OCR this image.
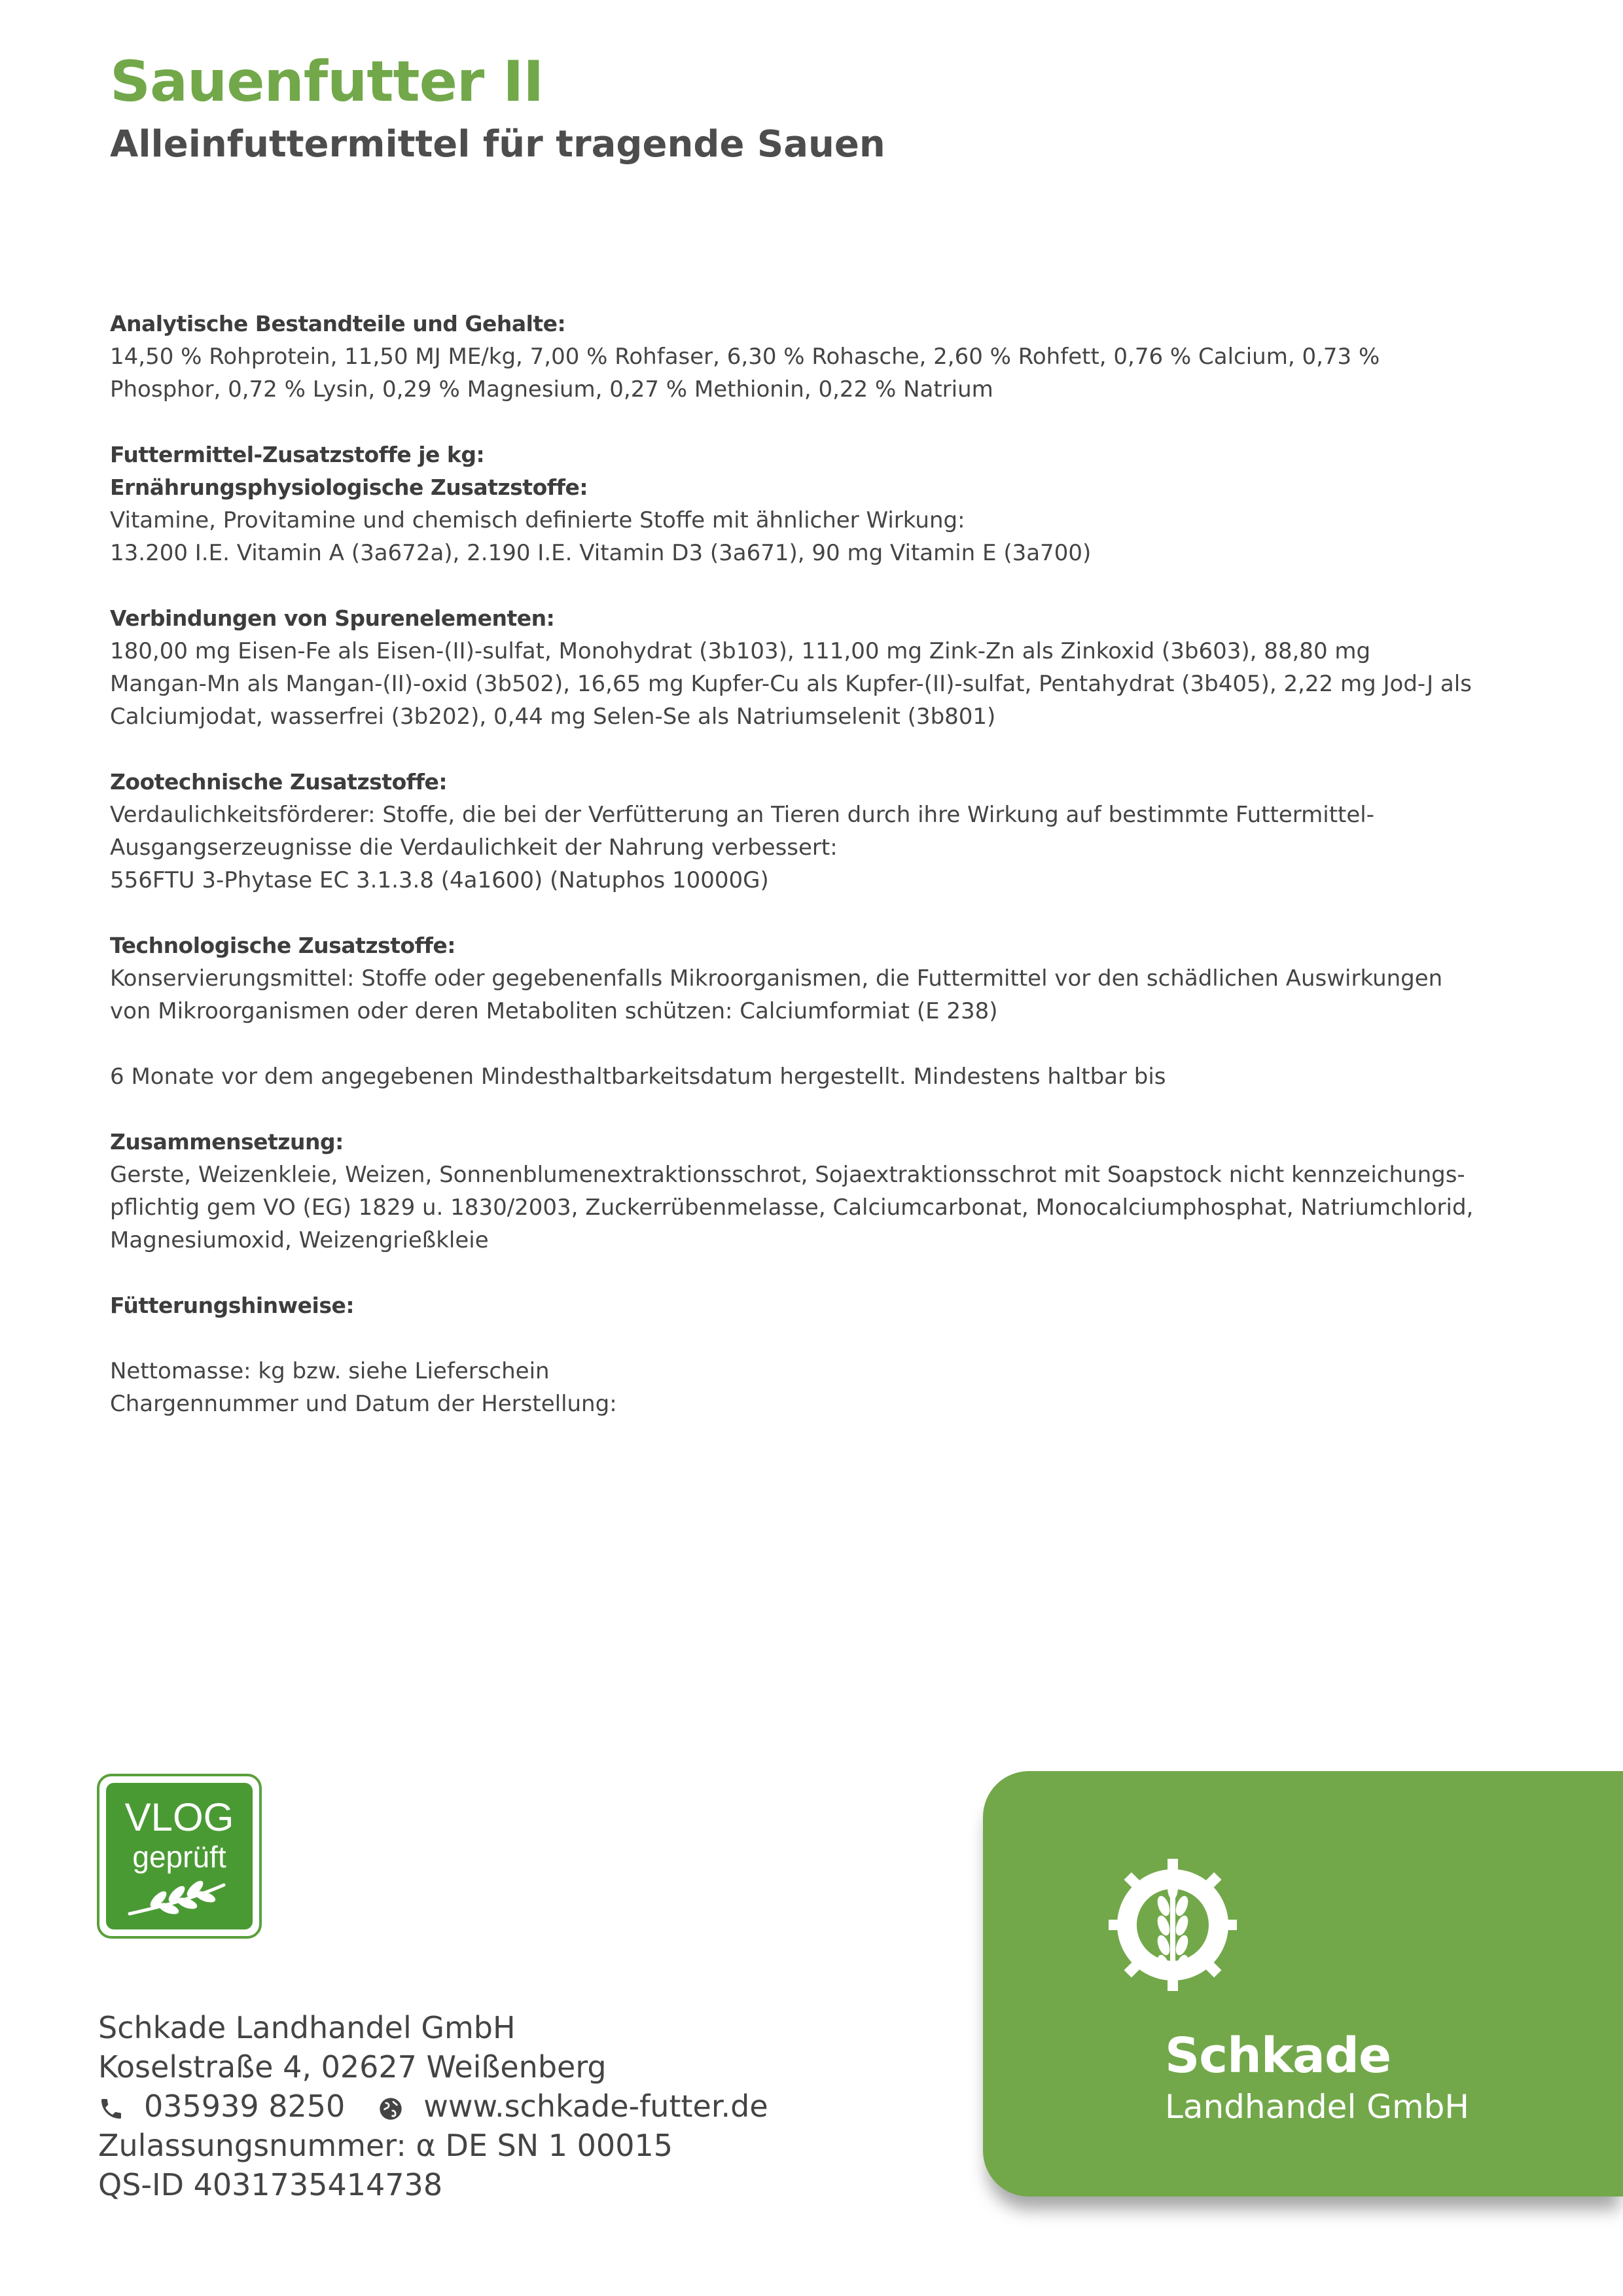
Sauenfutter II
Alleinfuttermittel für tragende Sauen
Analytische Bestandteile und Gehalte:
14,50 % Rohprotein, 11,50 MJ ME/kg, 7,00 % Rohfaser, 6,30 % Rohasche, 2,60 % Rohfett, 0,76 % Calcium, 0,73 %
Phosphor, 0,72 % Lysin, 0,29 % Magnesium, 0,27 % Methionin, 0,22 % Natrium
Futtermittel-Zusatzstoffe je kg:
Ernährungsphysiologische Zusatzstoffe:
Vitamine, Provitamine und chemisch definierte Stoffe mit ähnlicher Wirkung:
13.200 I.E. Vitamin A (3a672a), 2.190 I.E. Vitamin D3 (3a671), 90 mg Vitamin E (3a700)
Verbindungen von Spurenelementen:
180,00 mg Eisen-Fe als Eisen-(II)-sulfat, Monohydrat (3b103), 111,00 mg Zink-Zn als Zinkoxid (3b603), 88,80 mg
Mangan-Mn als Mangan-(II)-oxid (3b502), 16,65 mg Kupfer-Cu als Kupfer-(II)-sulfat, Pentahydrat (3b405), 2,22 mg Jod-J als
Calciumjodat, wasserfrei (3b202), 0,44 mg Selen-Se als Natriumselenit (3b801)
Zootechnische Zusatzstoffe:
Verdaulichkeitsförderer: Stoffe, die bei der Verfütterung an Tieren durch ihre Wirkung auf bestimmte Futtermittel-
Ausgangserzeugnisse die Verdaulichkeit der Nahrung verbessert:
556FTU 3-Phytase EC 3.1.3.8 (4a1600) (Natuphos 10000G)
Technologische Zusatzstoffe:
Konservierungsmittel: Stoffe oder gegebenenfalls Mikroorganismen, die Futtermittel vor den schädlichen Auswirkungen
von Mikroorganismen oder deren Metaboliten schützen: Calciumformiat (E 238)
6 Monate vor dem angegebenen Mindesthaltbarkeitsdatum hergestellt. Mindestens haltbar bis
Zusammensetzung:
Gerste, Weizenkleie, Weizen, Sonnenblumenextraktionsschrot, Sojaextraktionsschrot mit Soapstock nicht kennzeichungs-
pflichtig gem VO (EG) 1829 u. 1830/2003, Zuckerrübenmelasse, Calciumcarbonat, Monocalciumphosphat, Natriumchlorid,
Magnesiumoxid, Weizengrießkleie
Fütterungshinweise:
Nettomasse: kg bzw. siehe Lieferschein
Chargennummer und Datum der Herstellung:
VLOG
geprüft
Schkade Landhandel GmbH
Koselstraße 4, 02627 Weißenberg
035939 8250	www.schkade-futter.de
Zulassungsnummer: α DE SN 1 00015
QS-ID 4031735414738
Schkade
Landhandel GmbH
